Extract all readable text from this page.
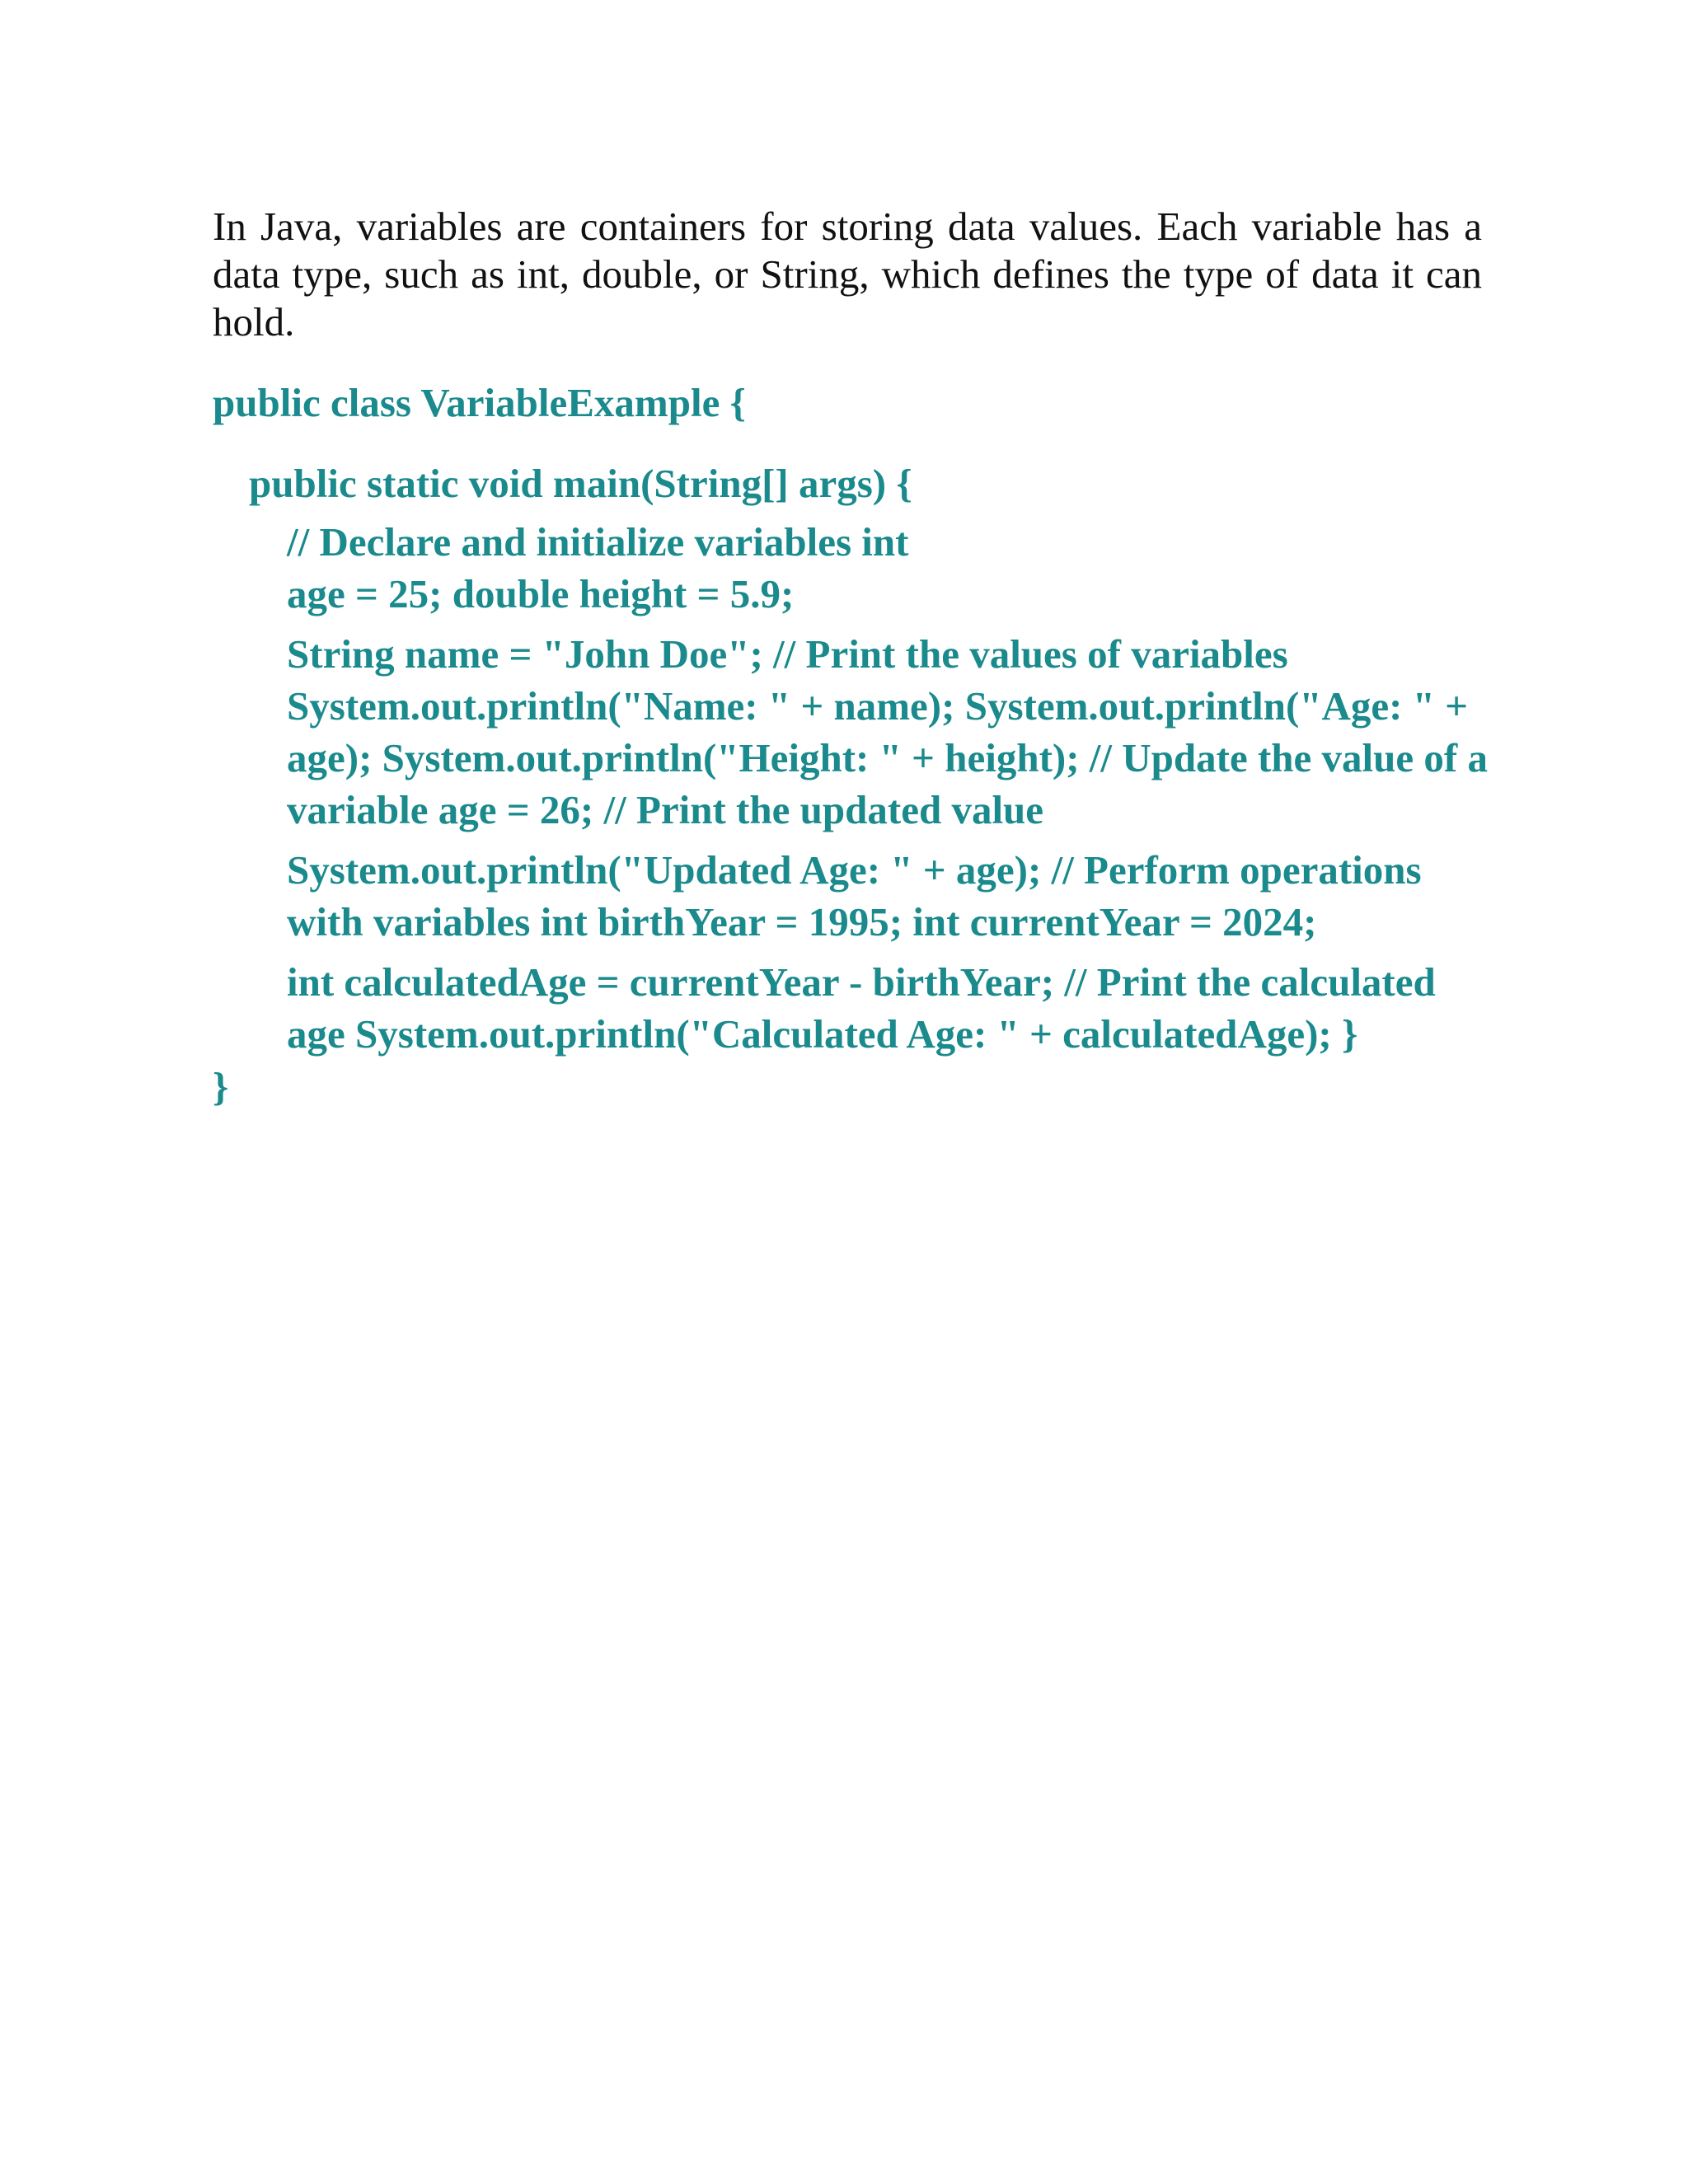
In Java, variables are containers for storing data values. Each variable has a data type, such as int, double, or String, which defines the type of data it can hold.

public class VariableExample {

public static void main(String[] args) {

// Declare and initialize variables int

age = 25; double height = 5.9;

String name = "John Doe"; // Print the values of variables System.out.println("Name: " + name); System.out.println("Age: " + age); System.out.println("Height: " + height); // Update the value of a variable age = 26; // Print the updated value

System.out.println("Updated Age: " + age); // Perform operations with variables int birthYear = 1995; int currentYear = 2024;

int calculatedAge = currentYear - birthYear; // Print the calculated age System.out.println("Calculated Age: " + calculatedAge); }

}
